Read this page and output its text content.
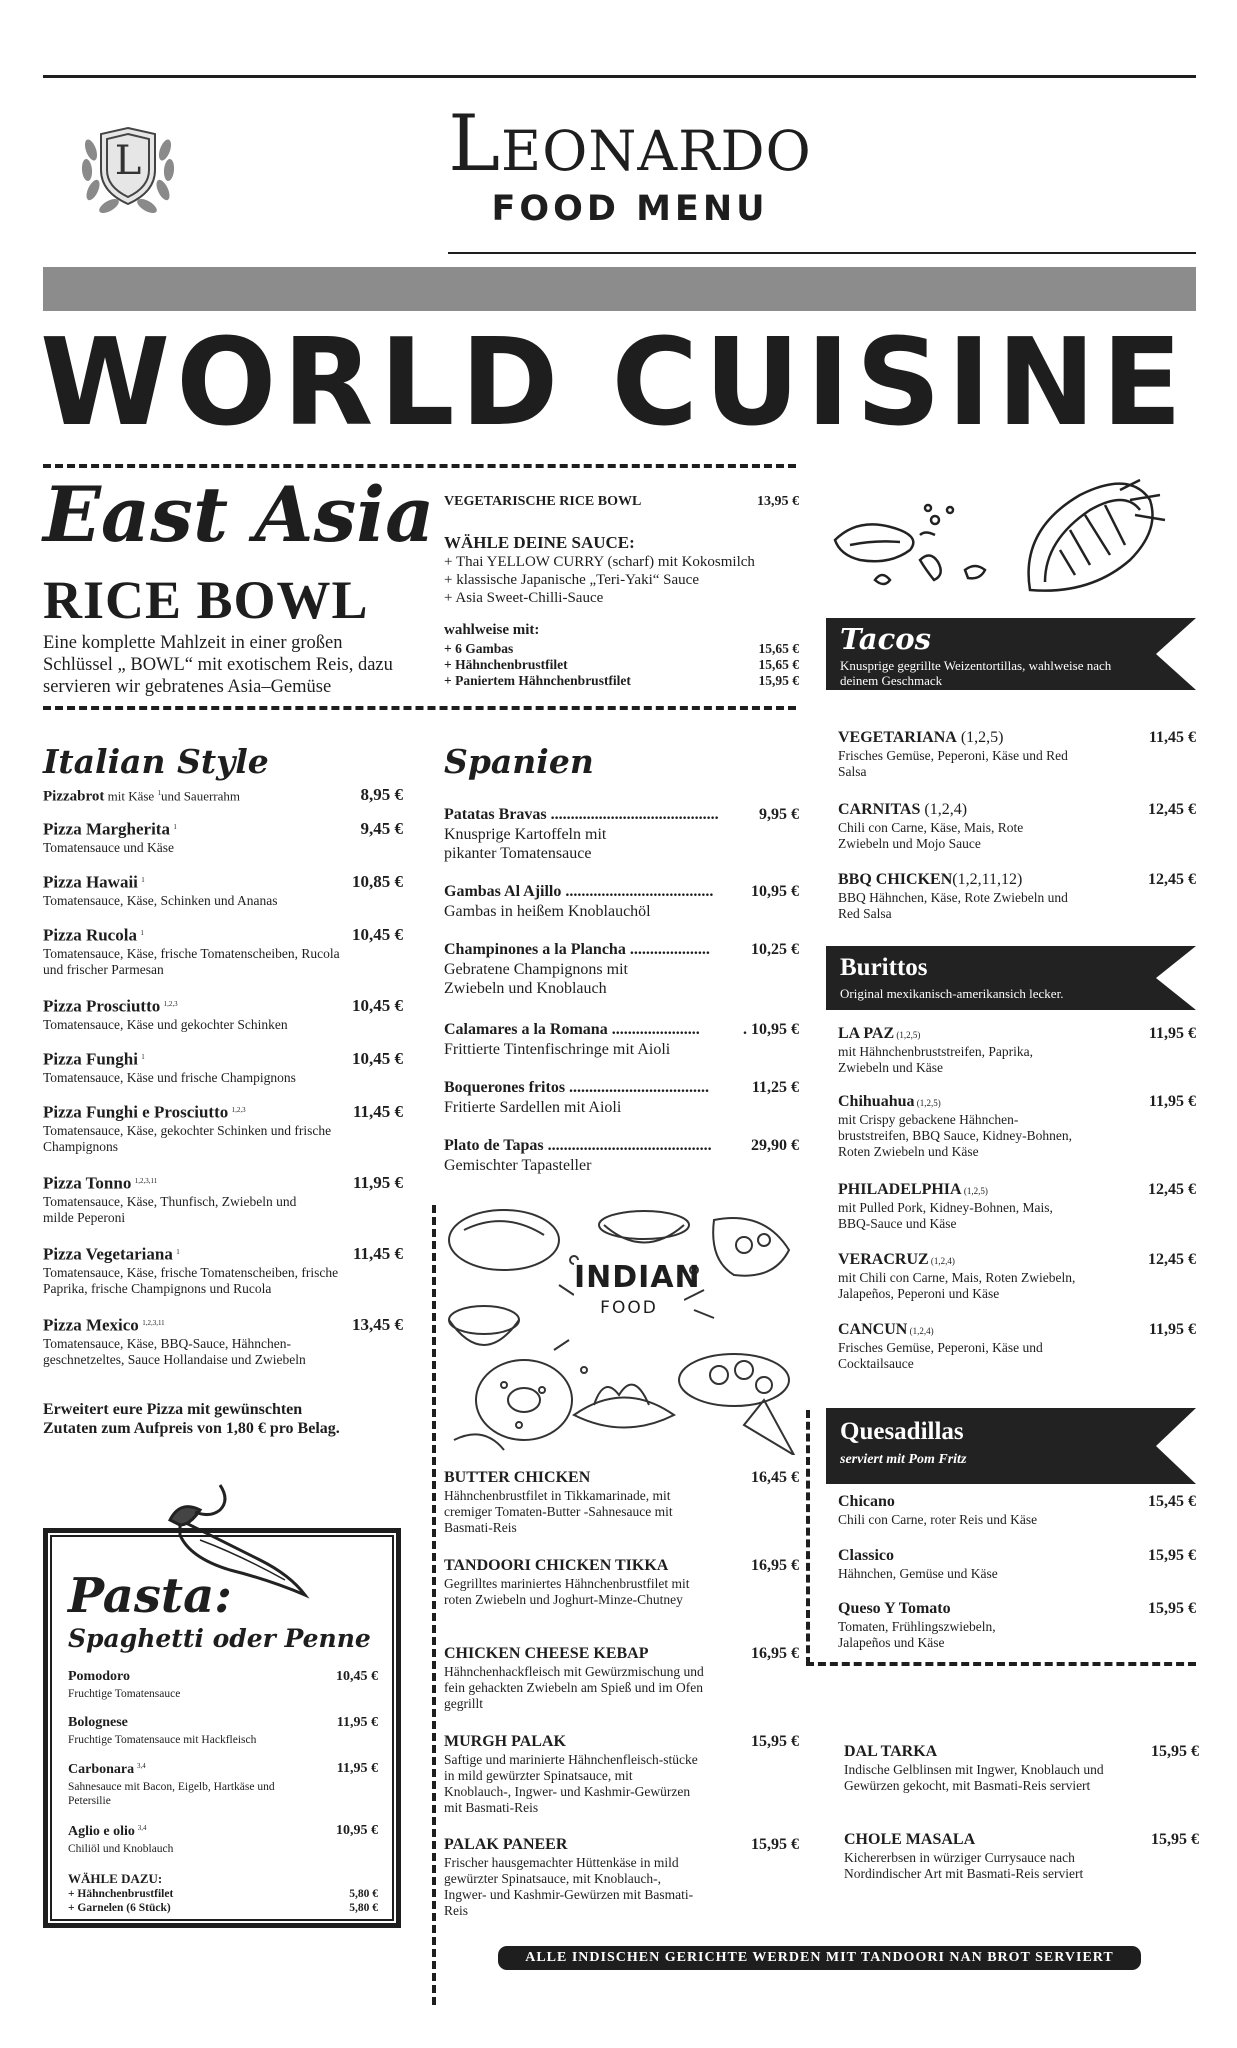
L	Leonardo
FOOD MENU
WORLD CUISINE
East Asia
RICE BOWL
Eine komplette Mahlzeit in einer großen Schlüssel „ BOWL“ mit exotischem Reis, dazu servieren wir gebratenes Asia–Gemüse
VEGETARISCHE RICE BOWL	13,95 €
WÄHLE DEINE SAUCE:
+ Thai YELLOW CURRY (scharf) mit Kokosmilch
+ klassische Japanische „Teri-Yaki“ Sauce
+ Asia Sweet-Chilli-Sauce
wahlweise mit:
+ 6 Gambas	15,65 €
+ Hähnchenbrustfilet	15,65 €
+ Paniertem Hähnchenbrustfilet	15,95 €
Italian Style
Pizzabrot mit Käse $^1$und Sauerrahm	8,95 €
Pizza Margherita $^1$	9,45 €
Tomatensauce und Käse
Pizza Hawaii $^1$	10,85 €
Tomatensauce, Käse, Schinken und Ananas
Pizza Rucola $^1$	10,45 €
Tomatensauce, Käse, frische Tomatenscheiben, Rucola und frischer Parmesan
Pizza Prosciutto $^{1,2,3}$	10,45 €
Tomatensauce, Käse und gekochter Schinken
Pizza Funghi $^1$	10,45 €
Tomatensauce, Käse und frische Champignons
Pizza Funghi e Prosciutto $^{1,2,3}$	11,45 €
Tomatensauce, Käse, gekochter Schinken und frische Champignons
Pizza Tonno $^{1,2,3,11}$	11,95 €
Tomatensauce, Käse, Thunfisch, Zwiebeln und milde Peperoni
Pizza Vegetariana $^1$	11,45 €
Tomatensauce, Käse, frische Tomatenscheiben, frische Paprika, frische Champignons und Rucola
Pizza Mexico $^{1,2,3,11}$	13,45 €
Tomatensauce, Käse, BBQ-Sauce, Hähnchen-geschnetzeltes, Sauce Hollandaise und Zwiebeln
Erweitert eure Pizza mit gewünschten Zutaten zum Aufpreis von 1,80 € pro Belag.
Pasta:
Spaghetti oder Penne
Pomodoro	10,45 €
Fruchtige Tomatensauce
Bolognese	11,95 €
Fruchtige Tomatensauce mit Hackfleisch
Carbonara $^{3,4}$	11,95 €
Sahnesauce mit Bacon, Eigelb, Hartkäse und Petersilie
Aglio e olio $^{3,4}$	10,95 €
Chiliöl und Knoblauch
WÄHLE DAZU:
+ Hähnchenbrustfilet	5,80 €
+ Garnelen (6 Stück)	5,80 €
Spanien
Patatas Bravas ..........................................	9,95 €
Knusprige Kartoffeln mit pikanter Tomatensauce
Gambas Al Ajillo .....................................	10,95 €
Gambas in heißem Knoblauchöl
Champinones a la Plancha ....................	10,25 €
Gebratene Champignons mit Zwiebeln und Knoblauch
Calamares a la Romana ......................	. 10,95 €
Frittierte Tintenfischringe mit Aioli
Boquerones fritos ...................................	11,25 €
Fritierte Sardellen mit Aioli
Plato de Tapas .........................................	29,90 €
Gemischter Tapasteller
INDIAN
FOOD
BUTTER CHICKEN	16,45 €
Hähnchenbrustfilet in Tikkamarinade, mit cremiger Tomaten-Butter -Sahnesauce mit Basmati-Reis
TANDOORI CHICKEN TIKKA	16,95 €
Gegrilltes mariniertes Hähnchenbrustfilet mit roten Zwiebeln und Joghurt-Minze-Chutney
CHICKEN CHEESE KEBAP	16,95 €
Hähnchenhackfleisch mit Gewürzmischung und fein gehackten Zwiebeln am Spieß und im Ofen gegrillt
MURGH PALAK	15,95 €
Saftige und marinierte Hähnchenfleisch-stücke in mild gewürzter Spinatsauce, mit Knoblauch-, Ingwer- und Kashmir-Gewürzen mit Basmati-Reis
PALAK PANEER	15,95 €
Frischer hausgemachter Hüttenkäse in mild gewürzter Spinatsauce, mit Knoblauch-, Ingwer- und Kashmir-Gewürzen mit Basmati-Reis
DAL TARKA	15,95 €
Indische Gelblinsen mit Ingwer, Knoblauch und Gewürzen gekocht, mit Basmati-Reis serviert
CHOLE MASALA	15,95 €
Kichererbsen in würziger Currysauce nach Nordindischer Art mit Basmati-Reis serviert
ALLE INDISCHEN GERICHTE WERDEN MIT TANDOORI NAN BROT SERVIERT
Tacos
Knusprige gegrillte Weizentortillas, wahlweise nach deinem Geschmack
VEGETARIANA (1,2,5)	11,45 €
Frisches Gemüse, Peperoni, Käse und Red Salsa
CARNITAS (1,2,4)	12,45 €
Chili con Carne, Käse, Mais, Rote Zwiebeln und Mojo Sauce
BBQ CHICKEN(1,2,11,12)	12,45 €
BBQ Hähnchen, Käse, Rote Zwiebeln und Red Salsa
Burittos
Original mexikanisch-amerikansich lecker.
LA PAZ (1,2,5)	11,95 €
mit Hähnchenbruststreifen, Paprika, Zwiebeln und Käse
Chihuahua (1,2,5)	11,95 €
mit Crispy gebackene Hähnchen-bruststreifen, BBQ Sauce, Kidney-Bohnen, Roten Zwiebeln und Käse
PHILADELPHIA (1,2,5)	12,45 €
mit Pulled Pork, Kidney-Bohnen, Mais, BBQ-Sauce und Käse
VERACRUZ (1,2,4)	12,45 €
mit Chili con Carne, Mais, Roten Zwiebeln, Jalapeños, Peperoni und Käse
CANCUN (1,2,4)	11,95 €
Frisches Gemüse, Peperoni, Käse und Cocktailsauce
Quesadillas
serviert mit Pom Fritz
Chicano	15,45 €
Chili con Carne, roter Reis und Käse
Classico	15,95 €
Hähnchen, Gemüse und Käse
Queso Y Tomato	15,95 €
Tomaten, Frühlingszwiebeln, Jalapeños und Käse
